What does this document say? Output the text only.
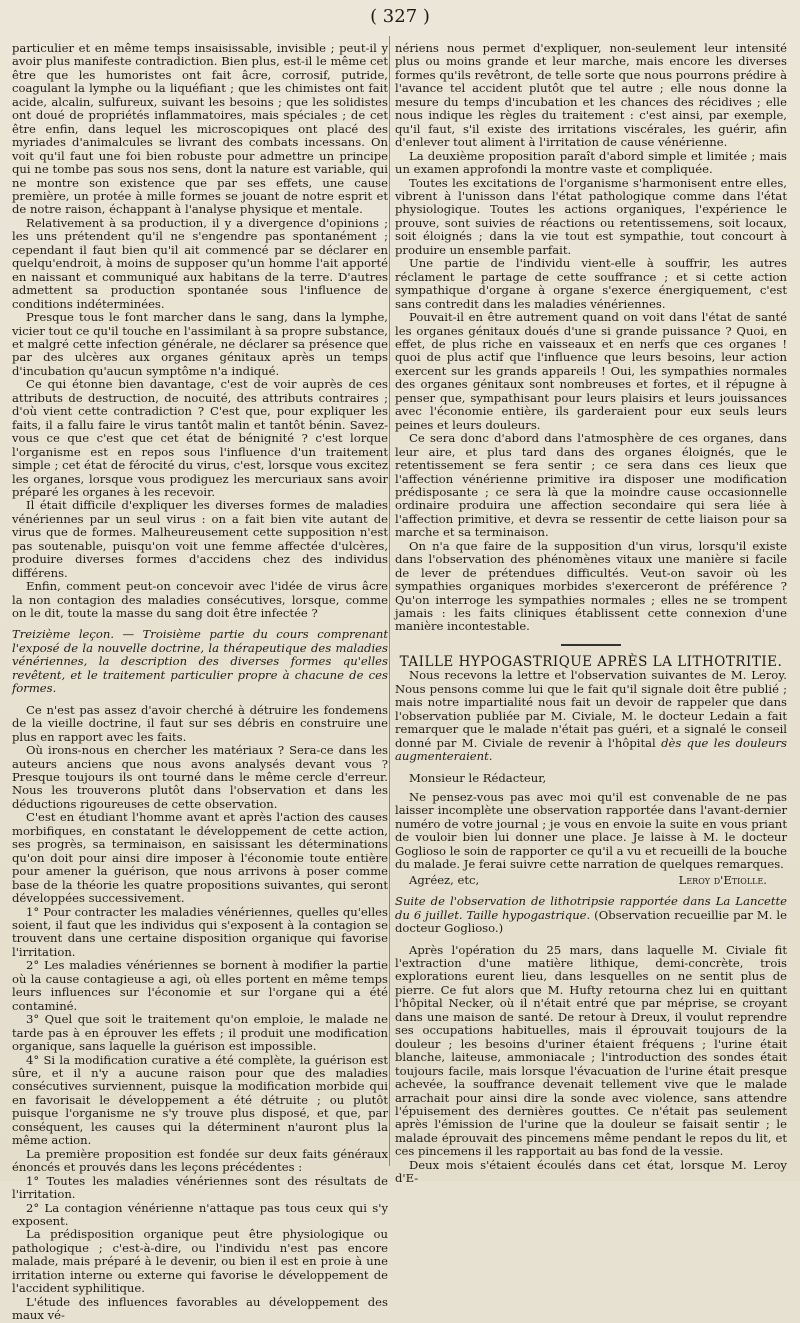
( 327 )

particulier et en même temps insaisissable, invisible ; peut-il y avoir plus manifeste contradiction. Bien plus, est-il le même cet être que les humoristes ont fait âcre, corrosif, putride, coagulant la lymphe ou la liquéfiant ; que les chimistes ont fait acide, alcalin, sulfureux, suivant les besoins ; que les solidistes ont doué de propriétés inflammatoires, mais spéciales ; de cet être enfin, dans lequel les microscopiques ont placé des myriades d'animalcules se livrant des combats incessans. On voit qu'il faut une foi bien robuste pour admettre un principe qui ne tombe pas sous nos sens, dont la nature est variable, qui ne montre son existence que par ses effets, une cause première, un protée à mille formes se jouant de notre esprit et de notre raison, échappant à l'analyse physique et mentale.

Relativement à sa production, il y a divergence d'opinions ; les uns prétendent qu'il ne s'engendre pas spontanément ; cependant il faut bien qu'il ait commencé par se déclarer en quelqu'endroit, à moins de supposer qu'un homme l'ait apporté en naissant et communiqué aux habitans de la terre. D'autres admettent sa production spontanée sous l'influence de conditions indéterminées.

Presque tous le font marcher dans le sang, dans la lymphe, vicier tout ce qu'il touche en l'assimilant à sa propre substance, et malgré cette infection générale, ne déclarer sa présence que par des ulcères aux organes génitaux après un temps d'incubation qu'aucun symptôme n'a indiqué.

Ce qui étonne bien davantage, c'est de voir auprès de ces attributs de destruction, de nocuité, des attributs contraires ; d'où vient cette contradiction ? C'est que, pour expliquer les faits, il a fallu faire le virus tantôt malin et tantôt bénin. Savez-vous ce que c'est que cet état de bénignité ? c'est lorque l'organisme est en repos sous l'influence d'un traitement simple ; cet état de férocité du virus, c'est, lorsque vous excitez les organes, lorsque vous prodiguez les mercuriaux sans avoir préparé les organes à les recevoir.

Il était difficile d'expliquer les diverses formes de maladies vénériennes par un seul virus : on a fait bien vite autant de virus que de formes. Malheureusement cette supposition n'est pas soutenable, puisqu'on voit une femme affectée d'ulcères, produire diverses formes d'accidens chez des individus différens.

Enfin, comment peut-on concevoir avec l'idée de virus âcre la non contagion des maladies consécutives, lorsque, comme on le dit, toute la masse du sang doit être infectée ?

Treizième leçon. — Troisième partie du cours comprenant l'exposé de la nouvelle doctrine, la thérapeutique des maladies vénériennes, la description des diverses formes qu'elles revêtent, et le traitement particulier propre à chacune de ces formes.

Ce n'est pas assez d'avoir cherché à détruire les fondemens de la vieille doctrine, il faut sur ses débris en construire une plus en rapport avec les faits.

Où irons-nous en chercher les matériaux ? Sera-ce dans les auteurs anciens que nous avons analysés devant vous ? Presque toujours ils ont tourné dans le même cercle d'erreur. Nous les trouverons plutôt dans l'observation et dans les déductions rigoureuses de cette observation.

C'est en étudiant l'homme avant et après l'action des causes morbifiques, en constatant le développement de cette action, ses progrès, sa terminaison, en saisissant les déterminations qu'on doit pour ainsi dire imposer à l'économie toute entière pour amener la guérison, que nous arrivons à poser comme base de la théorie les quatre propositions suivantes, qui seront développées successivement.

1° Pour contracter les maladies vénériennes, quelles qu'elles soient, il faut que les individus qui s'exposent à la contagion se trouvent dans une certaine disposition organique qui favorise l'irritation.

2° Les maladies vénériennes se bornent à modifier la partie où la cause contagieuse a agi, où elles portent en même temps leurs influences sur l'économie et sur l'organe qui a été contaminé.

3° Quel que soit le traitement qu'on emploie, le malade ne tarde pas à en éprouver les effets ; il produit une modification organique, sans laquelle la guérison est impossible.

4° Si la modification curative a été complète, la guérison est sûre, et il n'y a aucune raison pour que des maladies consécutives surviennent, puisque la modification morbide qui en favorisait le développement a été détruite ; ou plutôt puisque l'organisme ne s'y trouve plus disposé, et que, par conséquent, les causes qui la déterminent n'auront plus la même action.

La première proposition est fondée sur deux faits généraux énoncés et prouvés dans les leçons précédentes :

1° Toutes les maladies vénériennes sont des résultats de l'irritation.

2° La contagion vénérienne n'attaque pas tous ceux qui s'y exposent.

La prédisposition organique peut être physiologique ou pathologique ; c'est-à-dire, ou l'individu n'est pas encore malade, mais préparé à le devenir, ou bien il est en proie à une irritation interne ou externe qui favorise le développement de l'accident syphilitique.

L'étude des influences favorables au développement des maux vé-

nériens nous permet d'expliquer, non-seulement leur intensité plus ou moins grande et leur marche, mais encore les diverses formes qu'ils revêtront, de telle sorte que nous pourrons prédire à l'avance tel accident plutôt que tel autre ; elle nous donne la mesure du temps d'incubation et les chances des récidives ; elle nous indique les règles du traitement : c'est ainsi, par exemple, qu'il faut, s'il existe des irritations viscérales, les guérir, afin d'enlever tout aliment à l'irritation de cause vénérienne.

La deuxième proposition paraît d'abord simple et limitée ; mais un examen approfondi la montre vaste et compliquée.

Toutes les excitations de l'organisme s'harmonisent entre elles, vibrent à l'unisson dans l'état pathologique comme dans l'état physiologique. Toutes les actions organiques, l'expérience le prouve, sont suivies de réactions ou retentissemens, soit locaux, soit éloignés ; dans la vie tout est sympathie, tout concourt à produire un ensemble parfait.

Une partie de l'individu vient-elle à souffrir, les autres réclament le partage de cette souffrance ; et si cette action sympathique d'organe à organe s'exerce énergiquement, c'est sans contredit dans les maladies vénériennes.

Pouvait-il en être autrement quand on voit dans l'état de santé les organes génitaux doués d'une si grande puissance ? Quoi, en effet, de plus riche en vaisseaux et en nerfs que ces organes ! quoi de plus actif que l'influence que leurs besoins, leur action exercent sur les grands appareils ! Oui, les sympathies normales des organes génitaux sont nombreuses et fortes, et il répugne à penser que, sympathisant pour leurs plaisirs et leurs jouissances avec l'économie entière, ils garderaient pour eux seuls leurs peines et leurs douleurs.

Ce sera donc d'abord dans l'atmosphère de ces organes, dans leur aire, et plus tard dans des organes éloignés, que le retentissement se fera sentir ; ce sera dans ces lieux que l'affection vénérienne primitive ira disposer une modification prédisposante ; ce sera là que la moindre cause occasionnelle ordinaire produira une affection secondaire qui sera liée à l'affection primitive, et devra se ressentir de cette liaison pour sa marche et sa terminaison.

On n'a que faire de la supposition d'un virus, lorsqu'il existe dans l'observation des phénomènes vitaux une manière si facile de lever de prétendues difficultés. Veut-on savoir où les sympathies organiques morbides s'exerceront de préférence ? Qu'on interroge les sympathies normales ; elles ne se trompent jamais : les faits cliniques établissent cette connexion d'une manière incontestable.

TAILLE HYPOGASTRIQUE APRÈS LA LITHOTRITIE.

Nous recevons la lettre et l'observation suivantes de M. Leroy. Nous pensons comme lui que le fait qu'il signale doit être publié ; mais notre impartialité nous fait un devoir de rappeler que dans l'observation publiée par M. Civiale, M. le docteur Ledain a fait remarquer que le malade n'était pas guéri, et a signalé le conseil donné par M. Civiale de revenir à l'hôpital dès que les douleurs augmenteraient.

Monsieur le Rédacteur,

Ne pensez-vous pas avec moi qu'il est convenable de ne pas laisser incomplète une observation rapportée dans l'avant-dernier numéro de votre journal ; je vous en envoie la suite en vous priant de vouloir bien lui donner une place. Je laisse à M. le docteur Goglioso le soin de rapporter ce qu'il a vu et recueilli de la bouche du malade. Je ferai suivre cette narration de quelques remarques.

Agréez, etc,	Leroy d'Etiolle.

Suite de l'observation de lithotripsie rapportée dans La Lancette du 6 juillet. Taille hypogastrique. (Observation recueillie par M. le docteur Goglioso.)

Après l'opération du 25 mars, dans laquelle M. Civiale fit l'extraction d'une matière lithique, demi-concrète, trois explorations eurent lieu, dans lesquelles on ne sentit plus de pierre. Ce fut alors que M. Hufty retourna chez lui en quittant l'hôpital Necker, où il n'était entré que par méprise, se croyant dans une maison de santé. De retour à Dreux, il voulut reprendre ses occupations habituelles, mais il éprouvait toujours de la douleur ; les besoins d'uriner étaient fréquens ; l'urine était blanche, laiteuse, ammoniacale ; l'introduction des sondes était toujours facile, mais lorsque l'évacuation de l'urine était presque achevée, la souffrance devenait tellement vive que le malade arrachait pour ainsi dire la sonde avec violence, sans attendre l'épuisement des dernières gouttes. Ce n'était pas seulement après l'émission de l'urine que la douleur se faisait sentir ; le malade éprouvait des pincemens même pendant le repos du lit, et ces pincemens il les rapportait au bas fond de la vessie.

Deux mois s'étaient écoulés dans cet état, lorsque M. Leroy d'E-
